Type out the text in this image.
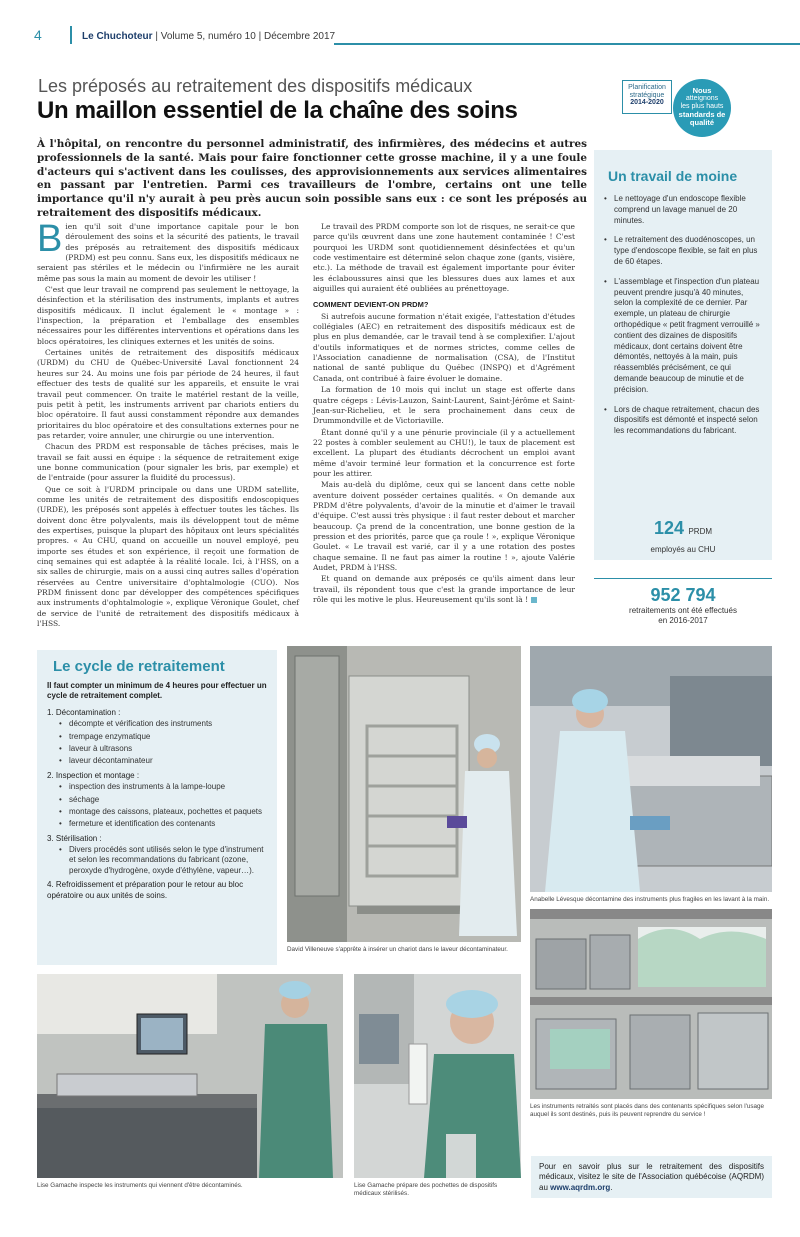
4	Le Chuchoteur | Volume 5, numéro 10 | Décembre 2017
Les préposés au retraitement des dispositifs médicaux
Un maillon essentiel de la chaîne des soins
Planification
stratégique
2014-2020
Nous
atteignons
les plus hauts
standards de
qualité
À l'hôpital, on rencontre du personnel administratif, des infirmières, des médecins et autres professionnels de la santé. Mais pour faire fonctionner cette grosse machine, il y a une foule d'acteurs qui s'activent dans les coulisses, des approvisionnements aux services alimentaires en passant par l'entretien. Parmi ces travailleurs de l'ombre, certains ont une telle importance qu'il n'y aurait à peu près aucun soin possible sans eux : ce sont les préposés au retraitement des dispositifs médicaux.
B ien qu'il soit d'une importance capitale pour le bon déroulement des soins et la sécurité des patients, le travail des préposés au retraitement des dispositifs médicaux (PRDM) est peu connu. Sans eux, les dispositifs médicaux ne seraient pas stériles et le médecin ou l'infirmière ne les aurait même pas sous la main au moment de devoir les utiliser !

C'est que leur travail ne comprend pas seulement le nettoyage, la désinfection et la stérilisation des instruments, implants et autres dispositifs médicaux. Il inclut également le « montage » : l'inspection, la préparation et l'emballage des ensembles nécessaires pour les différentes interventions et opérations dans les blocs opératoires, les cliniques externes et les unités de soins.

Certaines unités de retraitement des dispositifs médicaux (URDM) du CHU de Québec-Université Laval fonctionnent 24 heures sur 24. Au moins une fois par période de 24 heures, il faut effectuer des tests de qualité sur les appareils, et ensuite le vrai travail peut commencer. On traite le matériel restant de la veille, puis petit à petit, les instruments arrivent par chariots entiers du bloc opératoire. Il faut aussi constamment répondre aux demandes prioritaires du bloc opératoire et des consultations externes pour ne pas retarder, voire annuler, une chirurgie ou une intervention.

Chacun des PRDM est responsable de tâches précises, mais le travail se fait aussi en équipe : la séquence de retraitement exige une bonne communication (pour signaler les bris, par exemple) et de l'entraide (pour assurer la fluidité du processus).

Que ce soit à l'URDM principale ou dans une URDM satellite, comme les unités de retraitement des dispositifs endoscopiques (URDE), les préposés sont appelés à effectuer toutes les tâches. Ils doivent donc être polyvalents, mais ils développent tout de même des expertises, puisque la plupart des hôpitaux ont leurs spécialités propres. « Au CHU, quand on accueille un nouvel employé, peu importe ses études et son expérience, il reçoit une formation de cinq semaines qui est adaptée à la réalité locale. Ici, à l'HSS, on a six salles de chirurgie, mais on a aussi cinq autres salles d'opération réservées au Centre universitaire d'ophtalmologie (CUO). Nos PRDM finissent donc par développer des compétences spécifiques aux instruments d'ophtalmologie », explique Véronique Goulet, chef de service de l'unité de retraitement des dispositifs médicaux à l'HSS.

Le travail des PRDM comporte son lot de risques, ne serait-ce que parce qu'ils œuvrent dans une zone hautement contaminée ! C'est pourquoi les URDM sont quotidiennement désinfectées et qu'un code vestimentaire est déterminé selon chaque zone (gants, visière, etc.). La méthode de travail est également importante pour éviter les éclaboussures ainsi que les blessures dues aux lames et aux aiguilles qui auraient été oubliées au prénettoyage.

COMMENT DEVIENT-ON PRDM?

Si autrefois aucune formation n'était exigée, l'attestation d'études collégiales (AEC) en retraitement des dispositifs médicaux est de plus en plus demandée, car le travail tend à se complexifier. L'ajout d'outils informatiques et de normes strictes, comme celles de l'Association canadienne de normalisation (CSA), de l'Institut national de santé publique du Québec (INSPQ) et d'Agrément Canada, ont contribué à faire évoluer le domaine.

La formation de 10 mois qui inclut un stage est offerte dans quatre cégeps : Lévis-Lauzon, Saint-Laurent, Saint-Jérôme et Saint-Jean-sur-Richelieu, et le sera prochainement dans ceux de Drummondville et de Victoriaville.

Étant donné qu'il y a une pénurie provinciale (il y a actuellement 22 postes à combler seulement au CHU!), le taux de placement est excellent. La plupart des étudiants décrochent un emploi avant même d'avoir terminé leur formation et la concurrence est forte pour les attirer.

Mais au-delà du diplôme, ceux qui se lancent dans cette noble aventure doivent posséder certaines qualités. « On demande aux PRDM d'être polyvalents, d'avoir de la minutie et d'aimer le travail d'équipe. C'est aussi très physique : il faut rester debout et marcher beaucoup. Ça prend de la concentration, une bonne gestion de la pression et des priorités, parce que ça roule ! », explique Véronique Goulet. « Le travail est varié, car il y a une rotation des postes chaque semaine. Il ne faut pas aimer la routine ! », ajoute Valérie Audet, PRDM à l'HSS.

Et quand on demande aux préposés ce qu'ils aiment dans leur travail, ils répondent tous que c'est la grande importance de leur rôle qui les motive le plus. Heureusement qu'ils sont là !

Un travail de moine
• Le nettoyage d'un endoscope flexible comprend un lavage manuel de 20 minutes.
• Le retraitement des duodénoscopes, un type d'endoscope flexible, se fait en plus de 60 étapes.
• L'assemblage et l'inspection d'un plateau peuvent prendre jusqu'à 40 minutes, selon la complexité de ce dernier. Par exemple, un plateau de chirurgie orthopédique « petit fragment verrouillé » contient des dizaines de dispositifs médicaux, dont certains doivent être démontés, nettoyés à la main, puis réassemblés précisément, ce qui demande beaucoup de minutie et de précision.
• Lors de chaque retraitement, chacun des dispositifs est démonté et inspecté selon les recommandations du fabricant.
124 PRDM
employés au CHU
952 794
retraitements ont été effectués
en 2016-2017
Le cycle de retraitement
Il faut compter un minimum de 4 heures pour effectuer un cycle de retraitement complet.
1. Décontamination :
• décompte et vérification des instruments
• trempage enzymatique
• laveur à ultrasons
• laveur décontaminateur
2. Inspection et montage :
• inspection des instruments à la lampe-loupe
• séchage
• montage des caissons, plateaux, pochettes et paquets
• fermeture et identification des contenants
3. Stérilisation :
• Divers procédés sont utilisés selon le type d'instrument et selon les recommandations du fabricant (ozone, peroxyde d'hydrogène, oxyde d'éthylène, vapeur…).
4. Refroidissement et préparation pour le retour au bloc opératoire ou aux unités de soins.
David Villeneuve s'apprête à insérer un chariot dans le laveur décontaminateur.
Anabelle Lévesque décontamine des instruments plus fragiles en les lavant à la main.
Lise Gamache inspecte les instruments qui viennent d'être décontaminés.	Lise Gamache prépare des pochettes de dispositifs médicaux stérilisés.
Les instruments retraités sont placés dans des contenants spécifiques selon l'usage auquel ils sont destinés, puis ils peuvent reprendre du service !
Pour en savoir plus sur le retraitement des dispositifs médicaux, visitez le site de l'Association québécoise (AQRDM) au www.aqrdm.org.
